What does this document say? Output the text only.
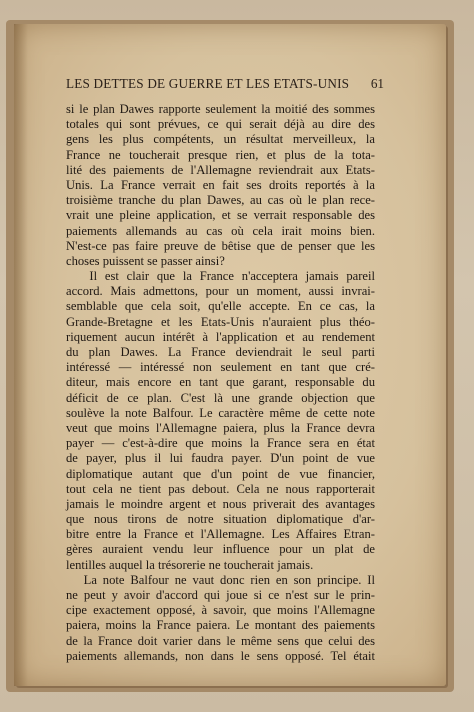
LES DETTES DE GUERRE ET LES ETATS-UNIS	61
si le plan Dawes rapporte seulement la moitié des sommes
totales qui sont prévues, ce qui serait déjà au dire des
gens les plus compétents, un résultat merveilleux, la
France ne toucherait presque rien, et plus de la tota-
lité des paiements de l'Allemagne reviendrait aux Etats-
Unis. La France verrait en fait ses droits reportés à la
troisième tranche du plan Dawes, au cas où le plan rece-
vrait une pleine application, et se verrait responsable des
paiements allemands au cas où cela irait moins bien.
N'est-ce pas faire preuve de bêtise que de penser que les
choses puissent se passer ainsi?
Il est clair que la France n'acceptera jamais pareil
accord. Mais admettons, pour un moment, aussi invrai-
semblable que cela soit, qu'elle accepte. En ce cas, la
Grande-Bretagne et les Etats-Unis n'auraient plus théo-
riquement aucun intérêt à l'application et au rendement
du plan Dawes. La France deviendrait le seul parti
intéressé — intéressé non seulement en tant que cré-
diteur, mais encore en tant que garant, responsable du
déficit de ce plan. C'est là une grande objection que
soulève la note Balfour. Le caractère même de cette note
veut que moins l'Allemagne paiera, plus la France devra
payer — c'est-à-dire que moins la France sera en état
de payer, plus il lui faudra payer. D'un point de vue
diplomatique autant que d'un point de vue financier,
tout cela ne tient pas debout. Cela ne nous rapporterait
jamais le moindre argent et nous priverait des avantages
que nous tirons de notre situation diplomatique d'ar-
bitre entre la France et l'Allemagne. Les Affaires Etran-
gères auraient vendu leur influence pour un plat de
lentilles auquel la trésorerie ne toucherait jamais.
La note Balfour ne vaut donc rien en son principe. Il
ne peut y avoir d'accord qui joue si ce n'est sur le prin-
cipe exactement opposé, à savoir, que moins l'Allemagne
paiera, moins la France paiera. Le montant des paiements
de la France doit varier dans le même sens que celui des
paiements allemands, non dans le sens opposé. Tel était
